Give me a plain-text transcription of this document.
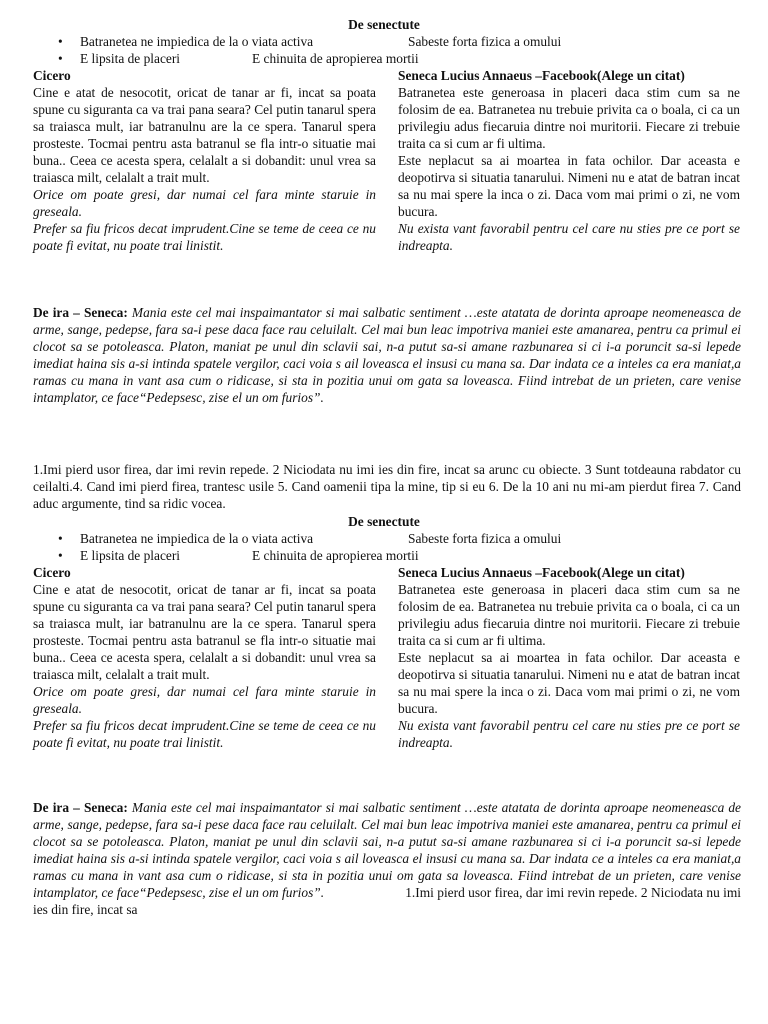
De senectute
• Batranetea ne impiedica de la o viata activa	Sabeste forta fizica a omului
• E lipsita de placeri	E chinuita de apropierea mortii

Cicero

Cine e atat de nesocotit, oricat de tanar ar fi, incat sa poata spune cu siguranta ca va trai pana seara? Cel putin tanarul spera sa traiasca mult, iar batranulnu are la ce spera. Tanarul spera prosteste. Tocmai pentru asta batranul se fla intr-o situatie mai buna.. Ceea ce acesta spera, celalalt a si dobandit: unul vrea sa traiasca milt, celalalt a trait mult.

Orice om poate gresi, dar numai cel fara minte staruie in greseala.

Prefer sa fiu fricos decat imprudent.Cine se teme de ceea ce nu poate fi evitat, nu poate trai linistit.

Seneca Lucius Annaeus –Facebook(Alege un citat)

Batranetea este generoasa in placeri daca stim cum sa ne folosim de ea. Batranetea nu trebuie privita ca o boala, ci ca un privilegiu adus fiecaruia dintre noi muritorii. Fiecare zi trebuie traita ca si cum ar fi ultima.

Este neplacut sa ai moartea in fata ochilor. Dar aceasta e deopotirva si situatia tanarului. Nimeni nu e atat de batran incat sa nu mai spere la inca o zi. Daca vom mai primi o zi, ne vom bucura.

Nu exista vant favorabil pentru cel care nu sties pre ce port se indreapta.

De ira – Seneca: Mania este cel mai inspaimantator si mai salbatic sentiment …este atatata de dorinta aproape neomeneasca de arme, sange, pedepse, fara sa-i pese daca face rau celuilalt. Cel mai bun leac impotriva maniei este amanarea, pentru ca primul ei clocot sa se potoleasca. Platon, maniat pe unul din sclavii sai, n-a putut sa-si amane razbunarea si ci i-a poruncit sa-si lepede imediat haina sis a-si intinda spatele vergilor, caci voia s ail loveasca el insusi cu mana sa. Dar indata ce a inteles ca era maniat,a ramas cu mana in vant asa cum o ridicase, si sta in pozitia unui om gata sa loveasca. Fiind intrebat de un prieten, care venise intamplator, ce face“Pedepsesc, zise el un om furios”.
1.Imi pierd usor firea, dar imi revin repede. 2 Niciodata nu imi ies din fire, incat sa arunc cu obiecte. 3 Sunt totdeauna rabdator cu ceilalti.4. Cand imi pierd firea, trantesc usile 5. Cand oamenii tipa la mine, tip si eu 6. De la 10 ani nu mi-am pierdut firea 7. Cand aduc argumente, tind sa ridic vocea.
De senectute
• Batranetea ne impiedica de la o viata activa	Sabeste forta fizica a omului
• E lipsita de placeri	E chinuita de apropierea mortii

Cicero

Cine e atat de nesocotit, oricat de tanar ar fi, incat sa poata spune cu siguranta ca va trai pana seara? Cel putin tanarul spera sa traiasca mult, iar batranulnu are la ce spera. Tanarul spera prosteste. Tocmai pentru asta batranul se fla intr-o situatie mai buna.. Ceea ce acesta spera, celalalt a si dobandit: unul vrea sa traiasca milt, celalalt a trait mult.

Orice om poate gresi, dar numai cel fara minte staruie in greseala.

Prefer sa fiu fricos decat imprudent.Cine se teme de ceea ce nu poate fi evitat, nu poate trai linistit.

Seneca Lucius Annaeus –Facebook(Alege un citat)

Batranetea este generoasa in placeri daca stim cum sa ne folosim de ea. Batranetea nu trebuie privita ca o boala, ci ca un privilegiu adus fiecaruia dintre noi muritorii. Fiecare zi trebuie traita ca si cum ar fi ultima.

Este neplacut sa ai moartea in fata ochilor. Dar aceasta e deopotirva si situatia tanarului. Nimeni nu e atat de batran incat sa nu mai spere la inca o zi. Daca vom mai primi o zi, ne vom bucura.

Nu exista vant favorabil pentru cel care nu sties pre ce port se indreapta.

De ira – Seneca: Mania este cel mai inspaimantator si mai salbatic sentiment …este atatata de dorinta aproape neomeneasca de arme, sange, pedepse, fara sa-i pese daca face rau celuilalt. Cel mai bun leac impotriva maniei este amanarea, pentru ca primul ei clocot sa se potoleasca. Platon, maniat pe unul din sclavii sai, n-a putut sa-si amane razbunarea si ci i-a poruncit sa-si lepede imediat haina sis a-si intinda spatele vergilor, caci voia s ail loveasca el insusi cu mana sa. Dar indata ce a inteles ca era maniat,a ramas cu mana in vant asa cum o ridicase, si sta in pozitia unui om gata sa loveasca. Fiind intrebat de un prieten, care venise intamplator, ce face“Pedepsesc, zise el un om furios”.	1.Imi pierd usor firea, dar imi revin repede. 2 Niciodata nu imi ies din fire, incat sa
